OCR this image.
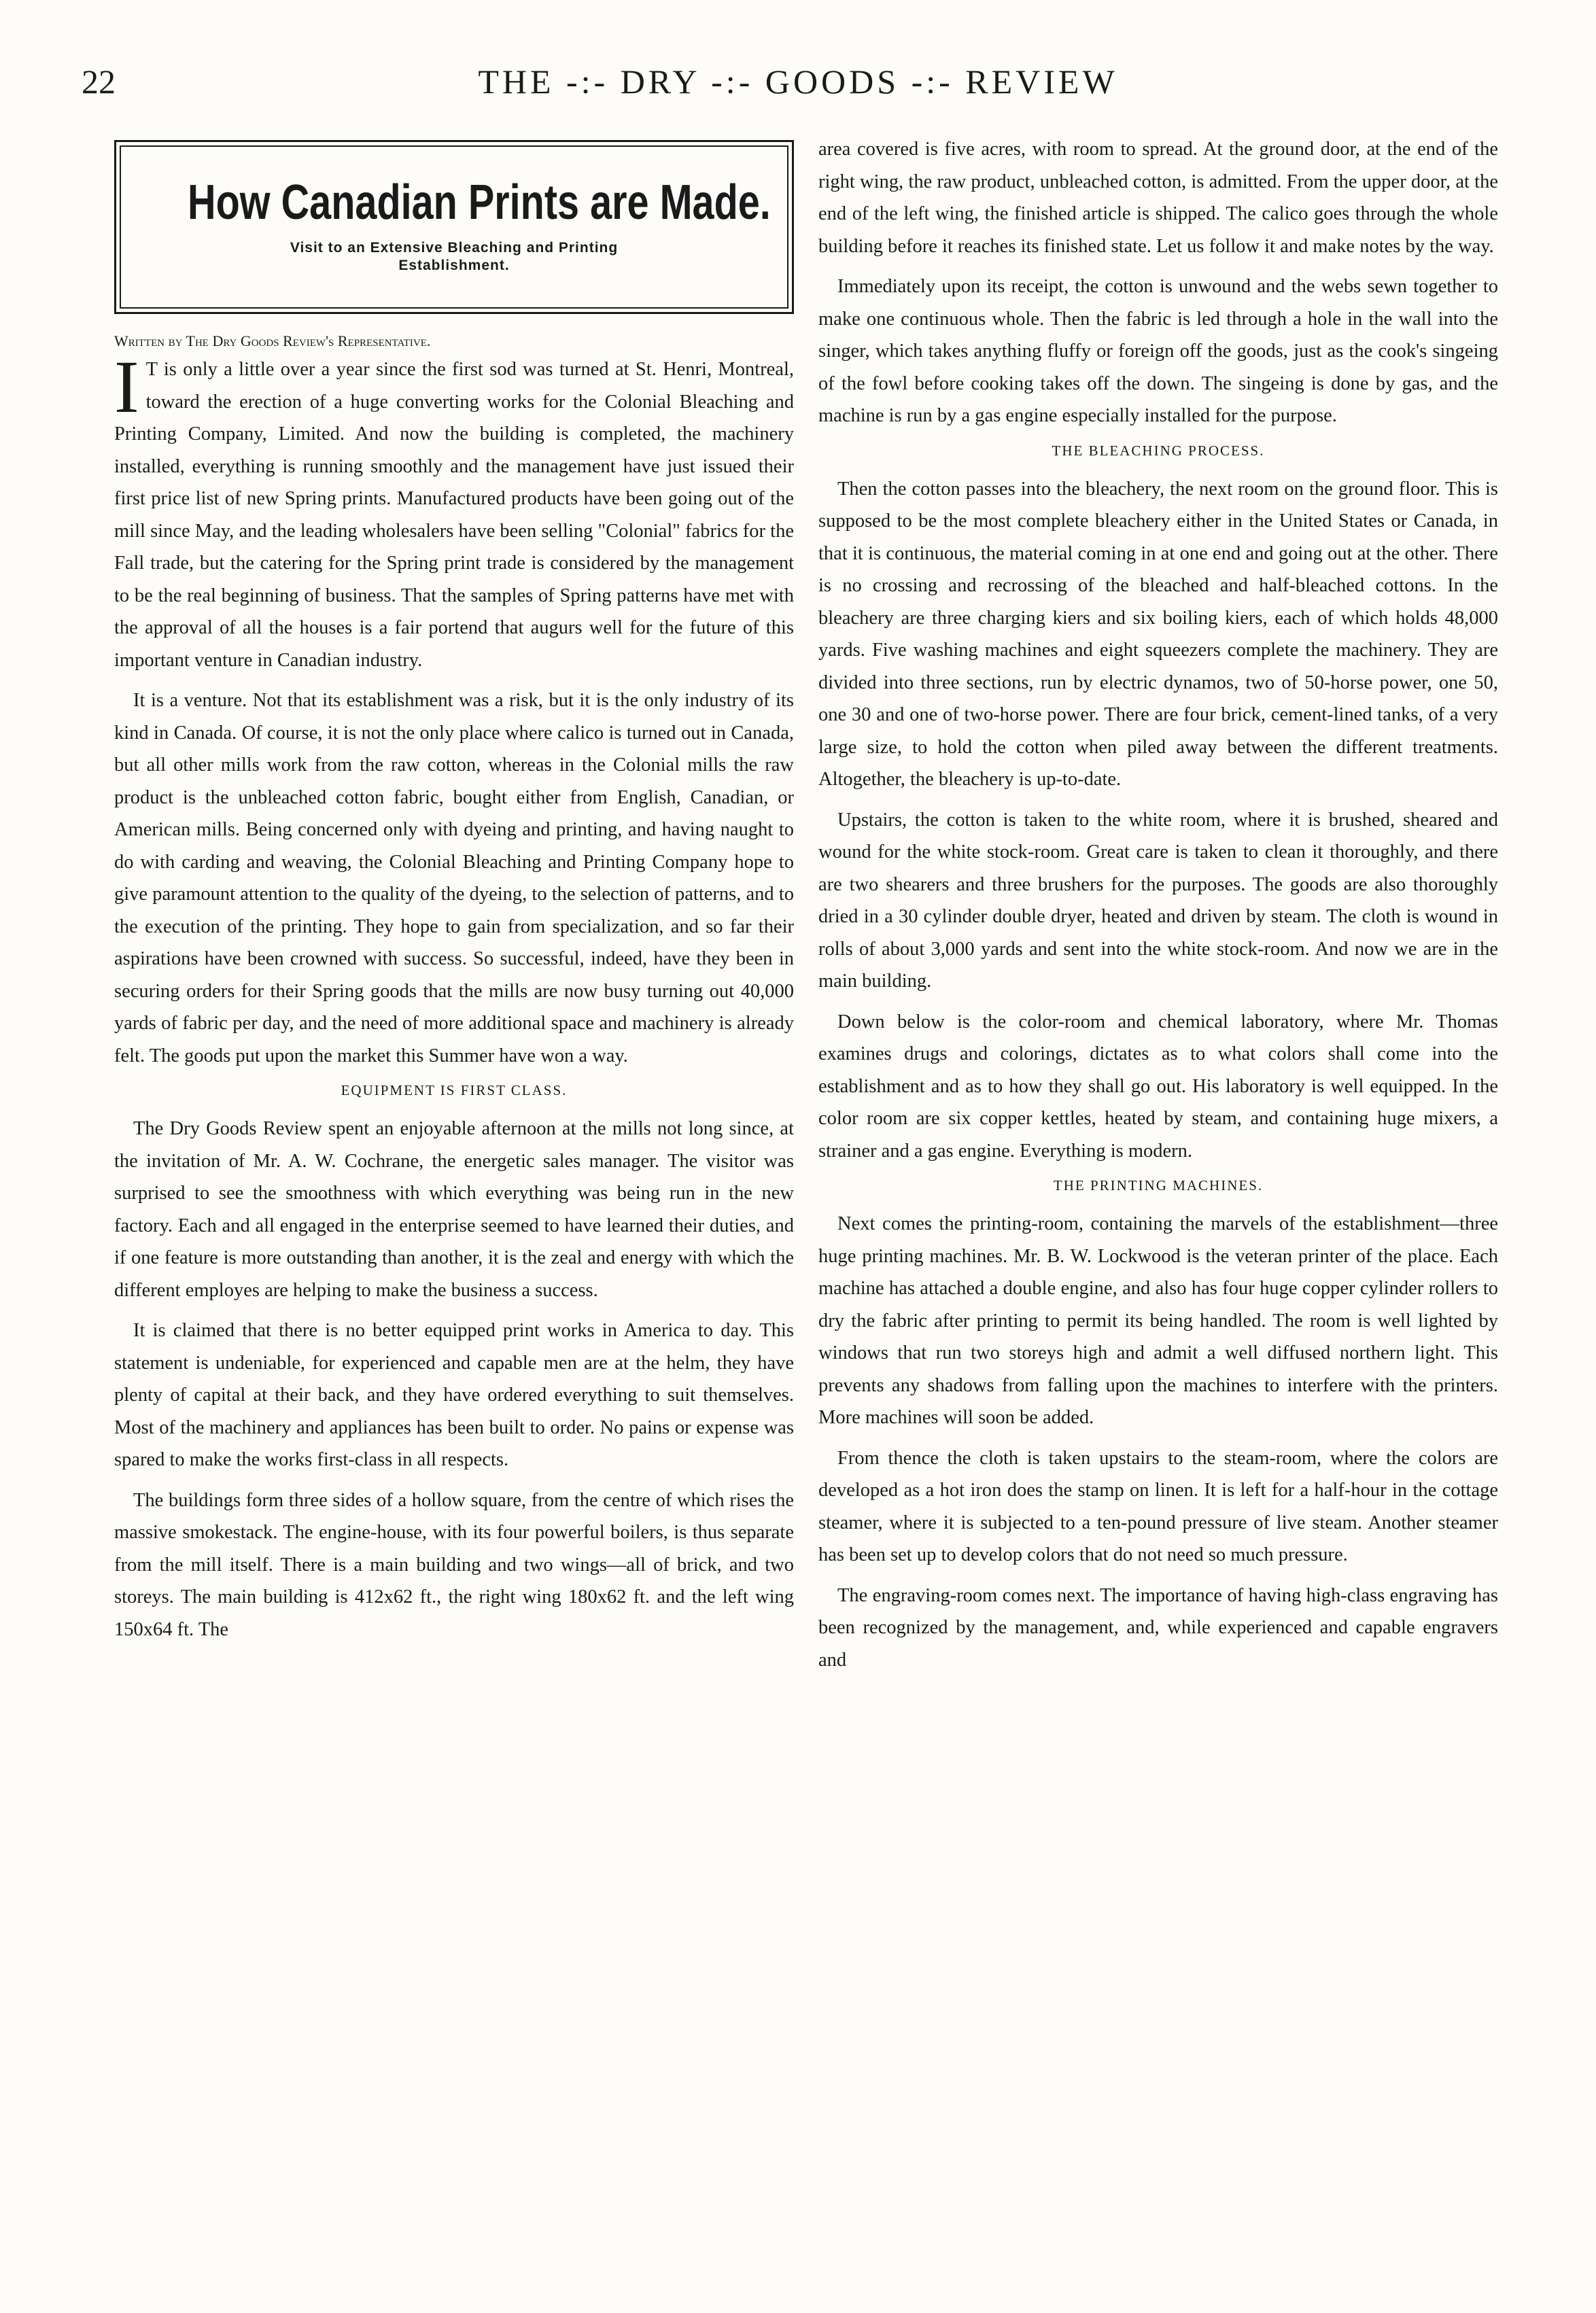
22	THE -:- DRY -:- GOODS -:- REVIEW
How Canadian Prints are Made.
Visit to an Extensive Bleaching and Printing Establishment.
Written by The Dry Goods Review's Representative.

I T is only a little over a year since the first sod was turned at St. Henri, Montreal, toward the erection of a huge converting works for the Colonial Bleaching and Printing Company, Limited. And now the building is completed, the machinery installed, everything is running smoothly and the management have just issued their first price list of new Spring prints. Manufactured products have been going out of the mill since May, and the leading wholesalers have been selling "Colonial" fabrics for the Fall trade, but the catering for the Spring print trade is considered by the management to be the real beginning of business. That the samples of Spring patterns have met with the approval of all the houses is a fair portend that augurs well for the future of this important venture in Canadian industry.

It is a venture. Not that its establishment was a risk, but it is the only industry of its kind in Canada. Of course, it is not the only place where calico is turned out in Canada, but all other mills work from the raw cotton, whereas in the Colonial mills the raw product is the unbleached cotton fabric, bought either from English, Canadian, or American mills. Being concerned only with dyeing and printing, and having naught to do with carding and weaving, the Colonial Bleaching and Printing Company hope to give paramount attention to the quality of the dyeing, to the selection of patterns, and to the execution of the printing. They hope to gain from specialization, and so far their aspirations have been crowned with success. So successful, indeed, have they been in securing orders for their Spring goods that the mills are now busy turning out 40,000 yards of fabric per day, and the need of more additional space and machinery is already felt. The goods put upon the market this Summer have won a way.

EQUIPMENT IS FIRST CLASS.

The Dry Goods Review spent an enjoyable afternoon at the mills not long since, at the invitation of Mr. A. W. Cochrane, the energetic sales manager. The visitor was surprised to see the smoothness with which everything was being run in the new factory. Each and all engaged in the enterprise seemed to have learned their duties, and if one feature is more outstanding than another, it is the zeal and energy with which the different employes are helping to make the business a success.

It is claimed that there is no better equipped print works in America to day. This statement is undeniable, for experienced and capable men are at the helm, they have plenty of capital at their back, and they have ordered everything to suit themselves. Most of the machinery and appliances has been built to order. No pains or expense was spared to make the works first-class in all respects.

The buildings form three sides of a hollow square, from the centre of which rises the massive smokestack. The engine-house, with its four powerful boilers, is thus separate from the mill itself. There is a main building and two wings—all of brick, and two storeys. The main building is 412x62 ft., the right wing 180x62 ft. and the left wing 150x64 ft. The

area covered is five acres, with room to spread. At the ground door, at the end of the right wing, the raw product, unbleached cotton, is admitted. From the upper door, at the end of the left wing, the finished article is shipped. The calico goes through the whole building before it reaches its finished state. Let us follow it and make notes by the way.

Immediately upon its receipt, the cotton is unwound and the webs sewn together to make one continuous whole. Then the fabric is led through a hole in the wall into the singer, which takes anything fluffy or foreign off the goods, just as the cook's singeing of the fowl before cooking takes off the down. The singeing is done by gas, and the machine is run by a gas engine especially installed for the purpose.

THE BLEACHING PROCESS.

Then the cotton passes into the bleachery, the next room on the ground floor. This is supposed to be the most complete bleachery either in the United States or Canada, in that it is continuous, the material coming in at one end and going out at the other. There is no crossing and recrossing of the bleached and half-bleached cottons. In the bleachery are three charging kiers and six boiling kiers, each of which holds 48,000 yards. Five washing machines and eight squeezers complete the machinery. They are divided into three sections, run by electric dynamos, two of 50-horse power, one 50, one 30 and one of two-horse power. There are four brick, cement-lined tanks, of a very large size, to hold the cotton when piled away between the different treatments. Altogether, the bleachery is up-to-date.

Upstairs, the cotton is taken to the white room, where it is brushed, sheared and wound for the white stock-room. Great care is taken to clean it thoroughly, and there are two shearers and three brushers for the purposes. The goods are also thoroughly dried in a 30 cylinder double dryer, heated and driven by steam. The cloth is wound in rolls of about 3,000 yards and sent into the white stock-room. And now we are in the main building.

Down below is the color-room and chemical laboratory, where Mr. Thomas examines drugs and colorings, dictates as to what colors shall come into the establishment and as to how they shall go out. His laboratory is well equipped. In the color room are six copper kettles, heated by steam, and containing huge mixers, a strainer and a gas engine. Everything is modern.

THE PRINTING MACHINES.

Next comes the printing-room, containing the marvels of the establishment—three huge printing machines. Mr. B. W. Lockwood is the veteran printer of the place. Each machine has attached a double engine, and also has four huge copper cylinder rollers to dry the fabric after printing to permit its being handled. The room is well lighted by windows that run two storeys high and admit a well diffused northern light. This prevents any shadows from falling upon the machines to interfere with the printers. More machines will soon be added.

From thence the cloth is taken upstairs to the steam-room, where the colors are developed as a hot iron does the stamp on linen. It is left for a half-hour in the cottage steamer, where it is subjected to a ten-pound pressure of live steam. Another steamer has been set up to develop colors that do not need so much pressure.

The engraving-room comes next. The importance of having high-class engraving has been recognized by the management, and, while experienced and capable engravers and
